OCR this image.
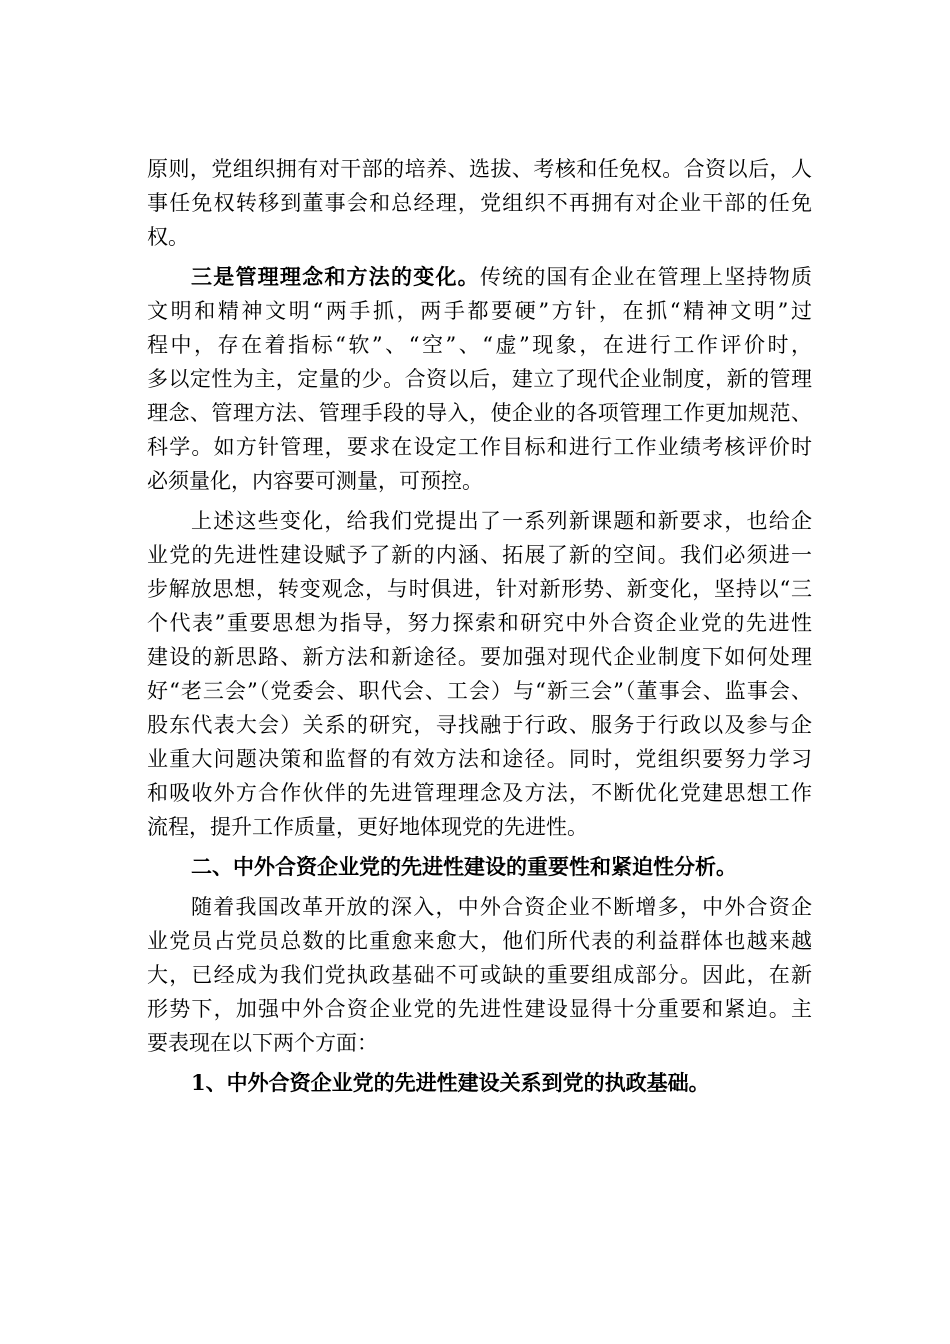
原则，党组织拥有对干部的培养、选拔、考核和任免权。合资以后，人
事任免权转移到董事会和总经理，党组织不再拥有对企业干部的任免
权。
三是管理理念和方法的变化。传统的国有企业在管理上坚持物质
文明和精神文明“两手抓，两手都要硬”方针，在抓“精神文明”过
程中，存在着指标“软”、“空”、“虚”现象，在进行工作评价时，
多以定性为主，定量的少。合资以后，建立了现代企业制度，新的管理
理念、管理方法、管理手段的导入，使企业的各项管理工作更加规范、
科学。如方针管理，要求在设定工作目标和进行工作业绩考核评价时
必须量化，内容要可测量，可预控。
上述这些变化，给我们党提出了一系列新课题和新要求，也给企
业党的先进性建设赋予了新的内涵、拓展了新的空间。我们必须进一
步解放思想，转变观念，与时俱进，针对新形势、新变化，坚持以“三
个代表”重要思想为指导，努力探索和研究中外合资企业党的先进性
建设的新思路、新方法和新途径。要加强对现代企业制度下如何处理
好“老三会”（党委会、职代会、工会）与“新三会”（董事会、监事会、
股东代表大会）关系的研究，寻找融于行政、服务于行政以及参与企
业重大问题决策和监督的有效方法和途径。同时，党组织要努力学习
和吸收外方合作伙伴的先进管理理念及方法，不断优化党建思想工作
流程，提升工作质量，更好地体现党的先进性。
二、中外合资企业党的先进性建设的重要性和紧迫性分析。
随着我国改革开放的深入，中外合资企业不断增多，中外合资企
业党员占党员总数的比重愈来愈大，他们所代表的利益群体也越来越
大，已经成为我们党执政基础不可或缺的重要组成部分。因此，在新
形势下，加强中外合资企业党的先进性建设显得十分重要和紧迫。主
要表现在以下两个方面：
1、中外合资企业党的先进性建设关系到党的执政基础。
